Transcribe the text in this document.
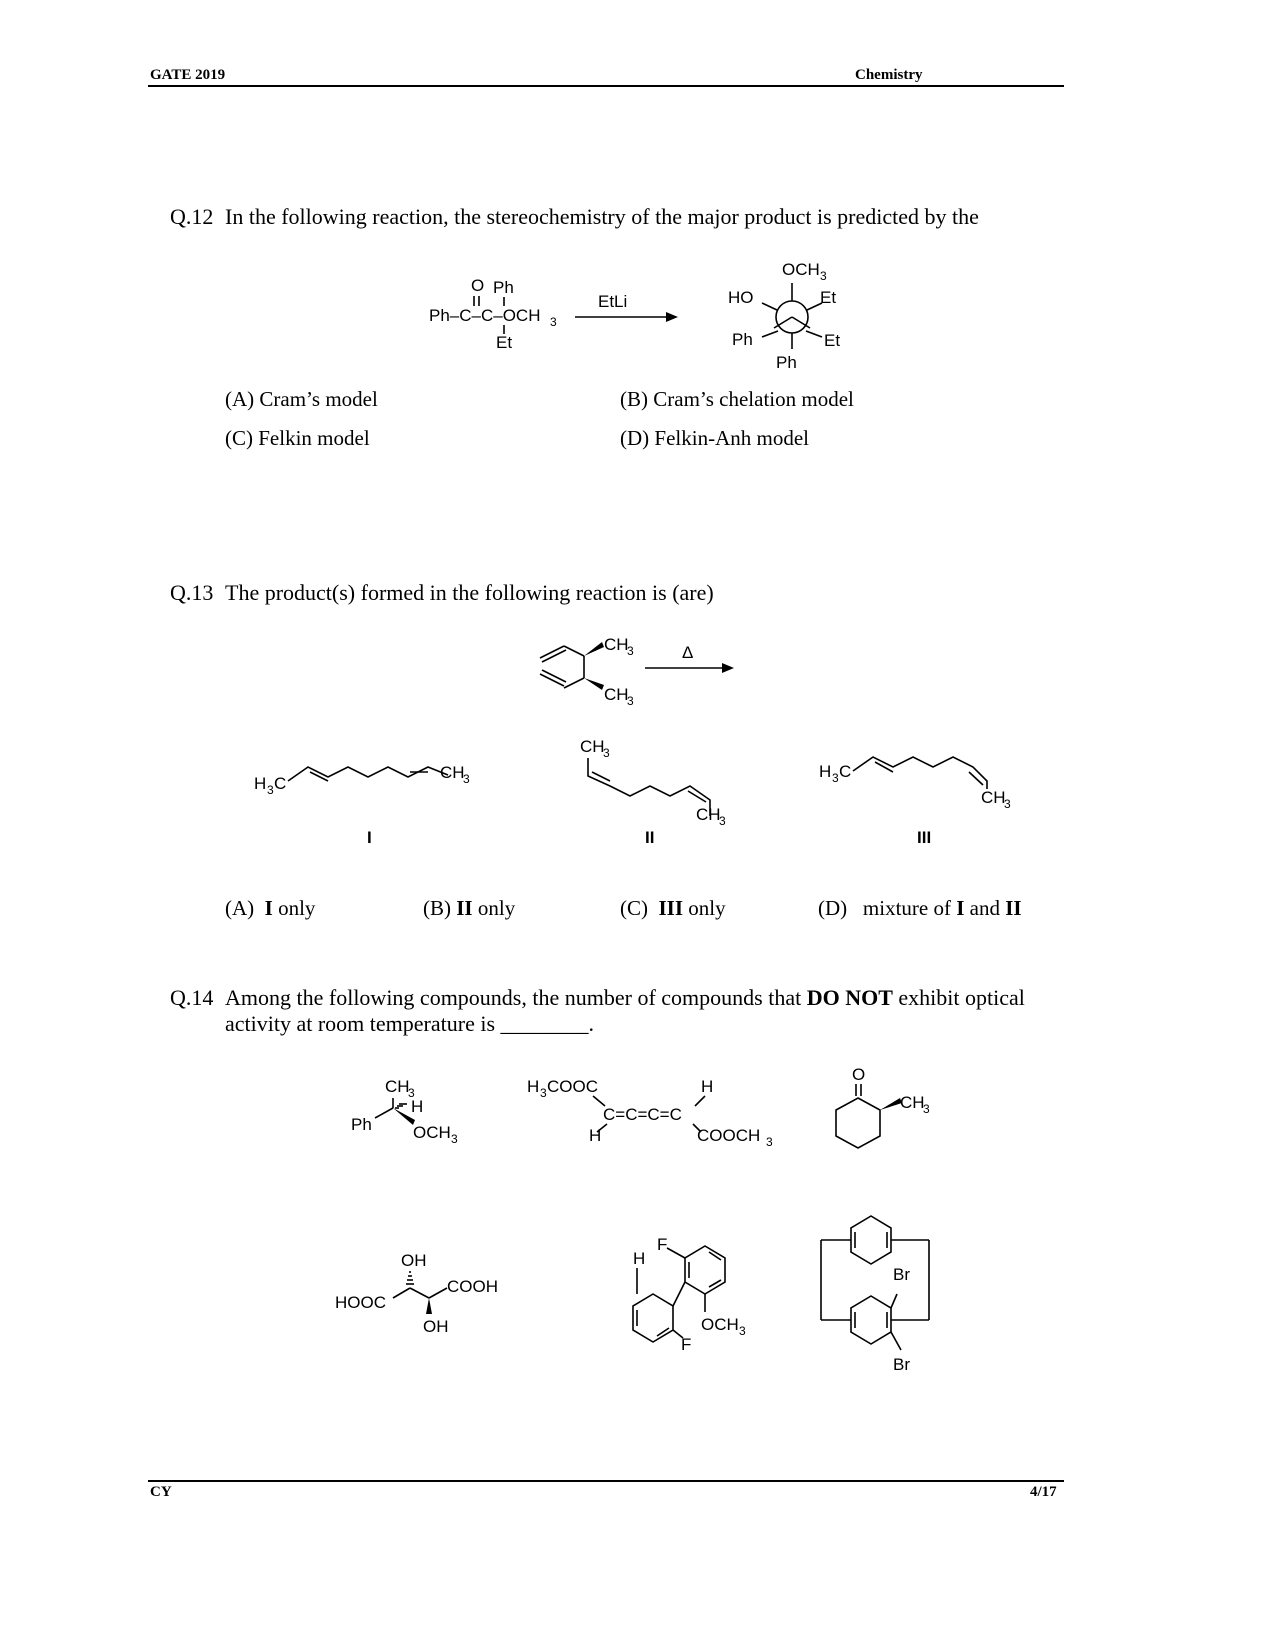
GATE 2019	Chemistry
Q.12 In the following reaction, the stereochemistry of the major product is predicted by the
O Ph
Ph–C–C–OCH 3
Et
EtLi
OCH 3
HO	Et
Ph	Et
Ph
(A) Cram’s model	(B) Cram’s chelation model
(C) Felkin model	(D) Felkin-Anh model
Q.13 The product(s) formed in the following reaction is (are)
CH
3
CH
3
Δ
H 3 C
CH
3
I
CH
3
CH
3
II
H 3 C
CH
3
III
(A) I only	(B) II only	(C) III only	(D) mixture of I and II
Q.14 Among the following compounds, the number of compounds that DO NOT exhibit optical
activity at room temperature is ________.
CH
3
Ph
H
OCH 3
H 3 COOC
C=C=C=C
H
H	COOCH 3
O
CH
3
OH
HOOC
COOH
OH
F
H
F
OCH 3
Br
Br
CY	4/17
